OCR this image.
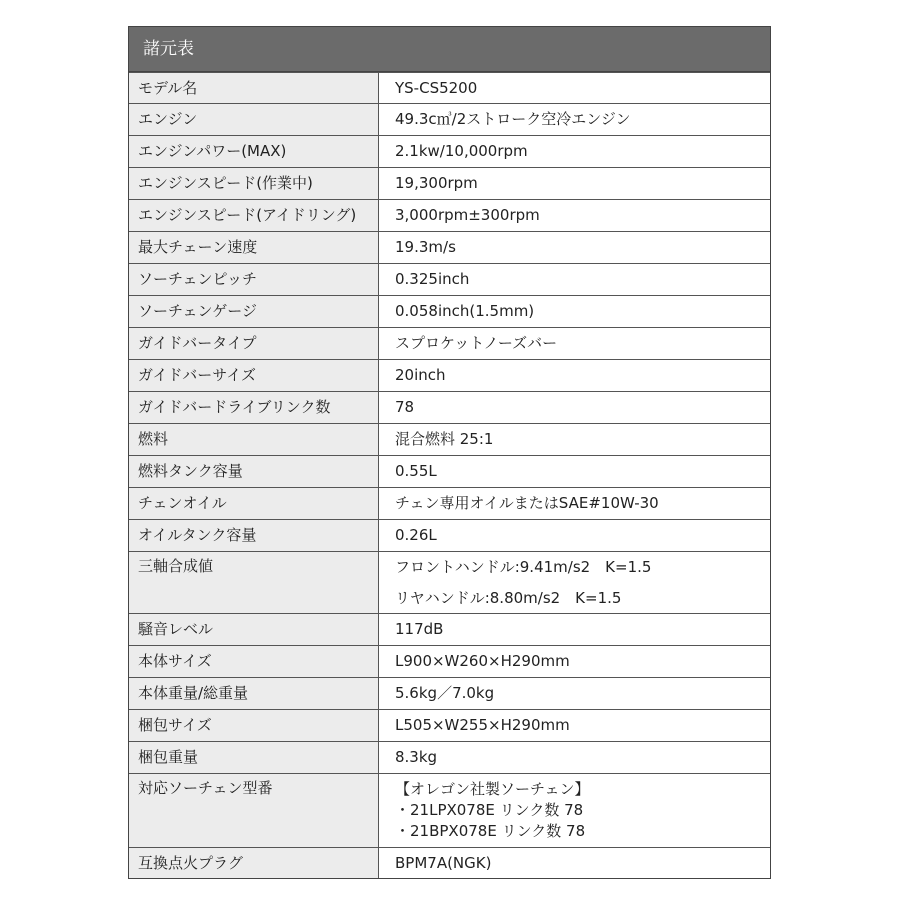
諸元表
モデル名	YS-CS5200
エンジン	49.3c㎥/2ストローク空冷エンジン
エンジンパワー(MAX)	2.1kw/10,000rpm
エンジンスピード(作業中)	19,300rpm
エンジンスピード(アイドリング)	3,000rpm±300rpm
最大チェーン速度	19.3m/s
ソーチェンピッチ	0.325inch
ソーチェンゲージ	0.058inch(1.5mm)
ガイドバータイプ	スプロケットノーズバー
ガイドバーサイズ	20inch
ガイドバードライブリンク数	78
燃料	混合燃料 25:1
燃料タンク容量	0.55L
チェンオイル	チェン専用オイルまたはSAE#10W-30
オイルタンク容量	0.26L
三軸合成値	フロントハンドル:9.41m/s2　K=1.5
リヤハンドル:8.80m/s2　K=1.5
騒音レベル	117dB
本体サイズ	L900×W260×H290mm
本体重量/総重量	5.6kg／7.0kg
梱包サイズ	L505×W255×H290mm
梱包重量	8.3kg
対応ソーチェン型番	【オレゴン社製ソーチェン】
・21LPX078E リンク数 78
・21BPX078E リンク数 78
互換点火プラグ	BPM7A(NGK)
